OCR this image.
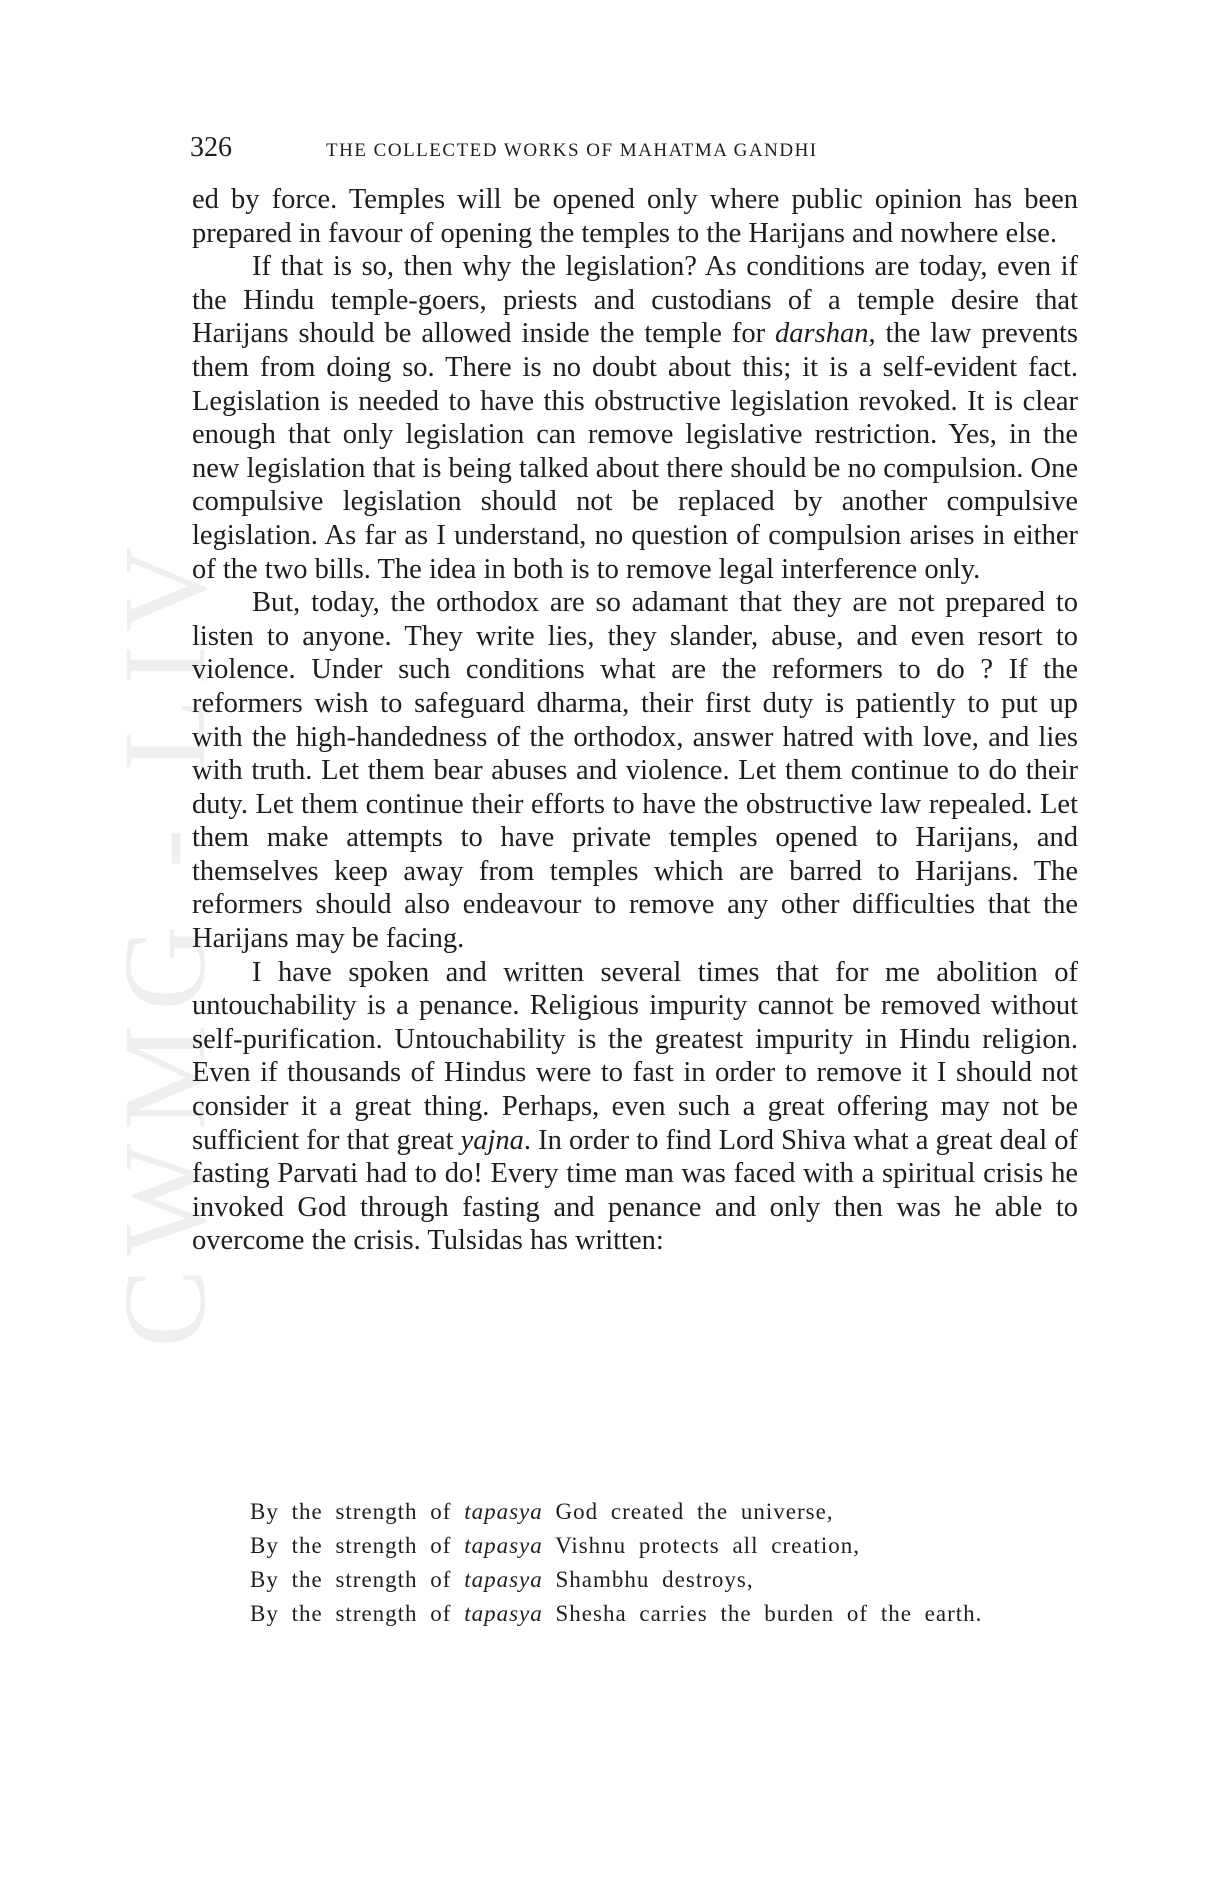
CWMG - LIV
326	THE COLLECTED WORKS OF MAHATMA GANDHI

ed by force. Temples will be opened only where public opinion has been prepared in favour of opening the temples to the Harijans and nowhere else.

If that is so, then why the legislation? As conditions are today, even if the Hindu temple-goers, priests and custodians of a temple desire that Harijans should be allowed inside the temple for darshan, the law prevents them from doing so. There is no doubt about this; it is a self-evident fact. Legislation is needed to have this obstructive legislation revoked. It is clear enough that only legislation can remove legislative restriction. Yes, in the new legislation that is being talked about there should be no compulsion. One compulsive legislation should not be replaced by another compulsive legislation. As far as I understand, no question of compulsion arises in either of the two bills. The idea in both is to remove legal interference only.

But, today, the orthodox are so adamant that they are not prepared to listen to anyone. They write lies, they slander, abuse, and even resort to violence. Under such conditions what are the reformers to do ? If the reformers wish to safeguard dharma, their first duty is patiently to put up with the high-handedness of the orthodox, answer hatred with love, and lies with truth. Let them bear abuses and violence. Let them continue to do their duty. Let them continue their efforts to have the obstructive law repealed. Let them make attempts to have private temples opened to Harijans, and themselves keep away from temples which are barred to Harijans. The reformers should also endeavour to remove any other difficulties that the Harijans may be facing.

I have spoken and written several times that for me abolition of untouchability is a penance. Religious impurity cannot be removed without self-purification. Untouchability is the greatest impurity in Hindu religion. Even if thousands of Hindus were to fast in order to remove it I should not consider it a great thing. Perhaps, even such a great offering may not be sufficient for that great yajna. In order to find Lord Shiva what a great deal of fasting Parvati had to do! Every time man was faced with a spiritual crisis he invoked God through fasting and penance and only then was he able to overcome the crisis. Tulsidas has written:

By the strength of tapasya God created the universe,
By the strength of tapasya Vishnu protects all creation,
By the strength of tapasya Shambhu destroys,
By the strength of tapasya Shesha carries the burden of the earth.
